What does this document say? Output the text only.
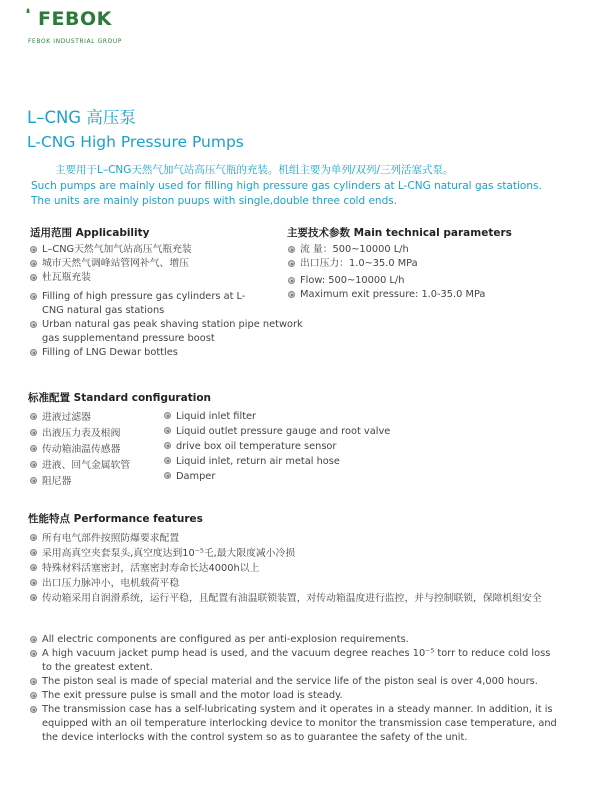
FEBOK
FEBOK INDUSTRIAL GROUP
L–CNG 高压泵
L-CNG High Pressure Pumps
主要用于L–CNG天然气加气站高压气瓶的充装。机组主要为单列/双列/三列活塞式泵。
Such pumps are mainly used for filling high pressure gas cylinders at L-CNG natural gas stations. The units are mainly piston puups with single,double three cold ends.
适用范围 Applicability
L–CNG天然气加气站高压气瓶充装
城市天然气调峰站管网补气、增压
杜瓦瓶充装
Filling of high pressure gas cylinders at L-CNG natural gas stations
Urban natural gas peak shaving station pipe network gas supplementand pressure boost
Filling of LNG Dewar bottles
主要技术参数 Main technical parameters
流 量：500~10000 L/h
出口压力：1.0~35.0 MPa
Flow: 500~10000 L/h
Maximum exit pressure: 1.0-35.0 MPa
标准配置 Standard configuration
进液过滤器
出液压力表及根阀
传动箱油温传感器
进液、回气金属软管
阻尼器
Liquid inlet filter
Liquid outlet pressure gauge and root valve
drive box oil temperature sensor
Liquid inlet, return air metal hose
Damper
性能特点 Performance features
所有电气部件按照防爆要求配置
采用高真空夹套泵头,真空度达到10⁻⁵乇,最大限度减小冷损
特殊材料活塞密封，活塞密封寿命长达4000h以上
出口压力脉冲小，电机载荷平稳
传动箱采用自润滑系统，运行平稳，且配置有油温联锁装置，对传动箱温度进行监控，并与控制联锁，保障机组安全
All electric components are configured as per anti-explosion requirements.
A high vacuum jacket pump head is used, and the vacuum degree reaches 10⁻⁵ torr to reduce cold loss to the greatest extent.
The piston seal is made of special material and the service life of the piston seal is over 4,000 hours.
The exit pressure pulse is small and the motor load is steady.
The transmission case has a self-lubricating system and it operates in a steady manner. In addition, it is equipped with an oil temperature interlocking device to monitor the transmission case temperature, and the device interlocks with the control system so as to guarantee the safety of the unit.
